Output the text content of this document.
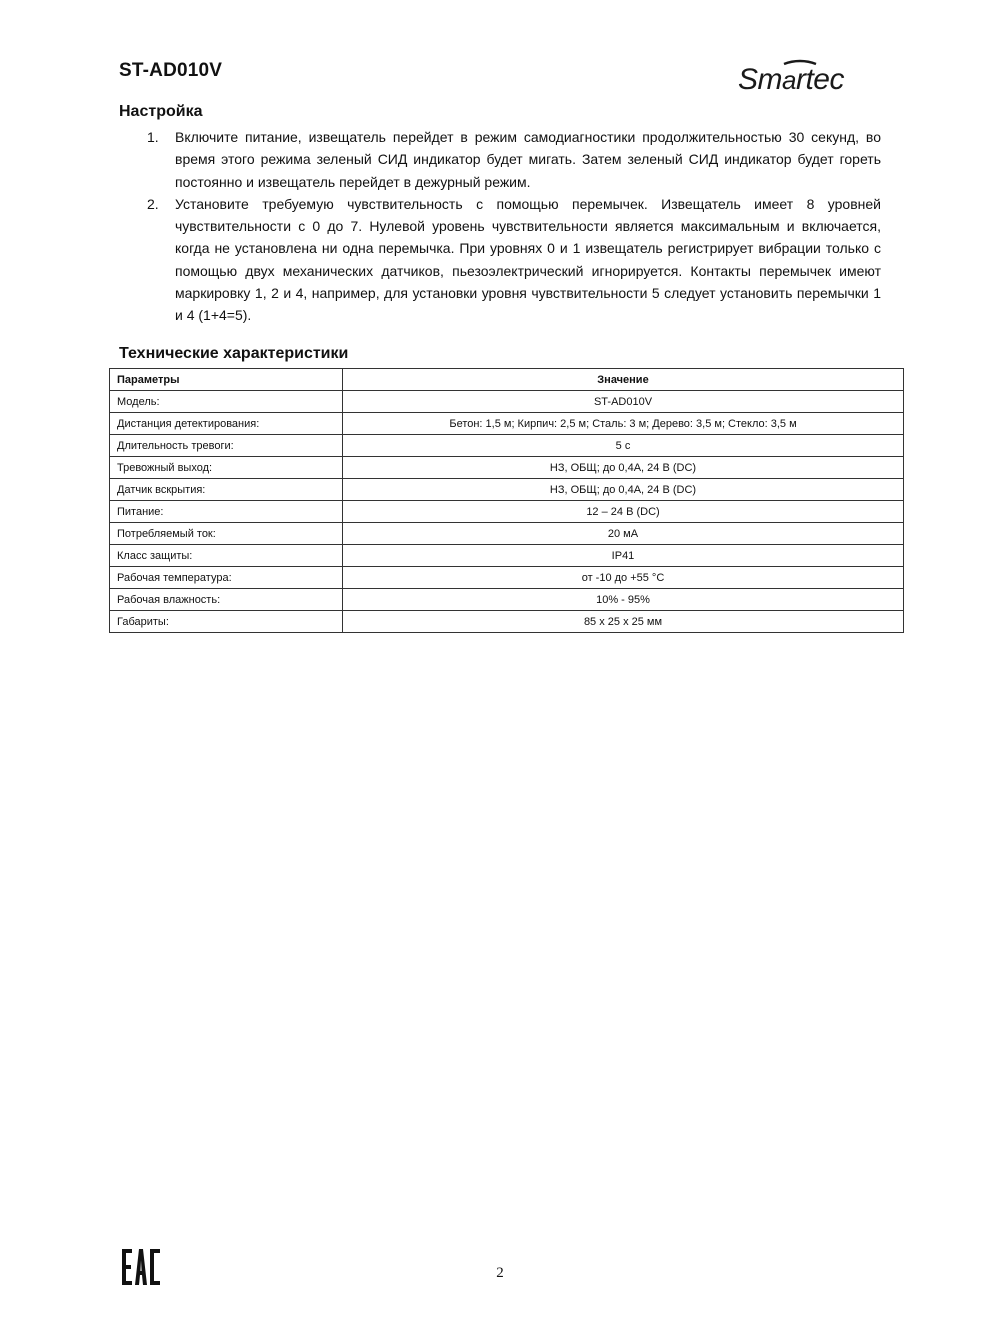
ST-AD010V	Smartec
Настройка
1. Включите питание, извещатель перейдет в режим самодиагностики продолжительностью 30 секунд, во время этого режима зеленый СИД индикатор будет мигать. Затем зеленый СИД индикатор будет гореть постоянно и извещатель перейдет в дежурный режим.
2. Установите требуемую чувствительность с помощью перемычек. Извещатель имеет 8 уровней чувствительности с 0 до 7. Нулевой уровень чувствительности является максимальным и включается, когда не установлена ни одна перемычка. При уровнях 0 и 1 извещатель регистрирует вибрации только с помощью двух механических датчиков, пьезоэлектрический игнорируется. Контакты перемычек имеют маркировку 1, 2 и 4, например, для установки уровня чувствительности 5 следует установить перемычки 1 и 4 (1+4=5).
Технические характеристики
Параметры	Значение
Модель:	ST-AD010V
Дистанция детектирования:	Бетон: 1,5 м; Кирпич: 2,5 м; Сталь: 3 м; Дерево: 3,5 м; Стекло: 3,5 м
Длительность тревоги:	5 с
Тревожный выход:	НЗ, ОБЩ; до 0,4А, 24 В (DC)
Датчик вскрытия:	НЗ, ОБЩ; до 0,4А, 24 В (DC)
Питание:	12 – 24 В (DC)
Потребляемый ток:	20 мА
Класс защиты:	IP41
Рабочая температура:	от -10 до +55 °С
Рабочая влажность:	10% - 95%
Габариты:	85 х 25 х 25 мм
2
